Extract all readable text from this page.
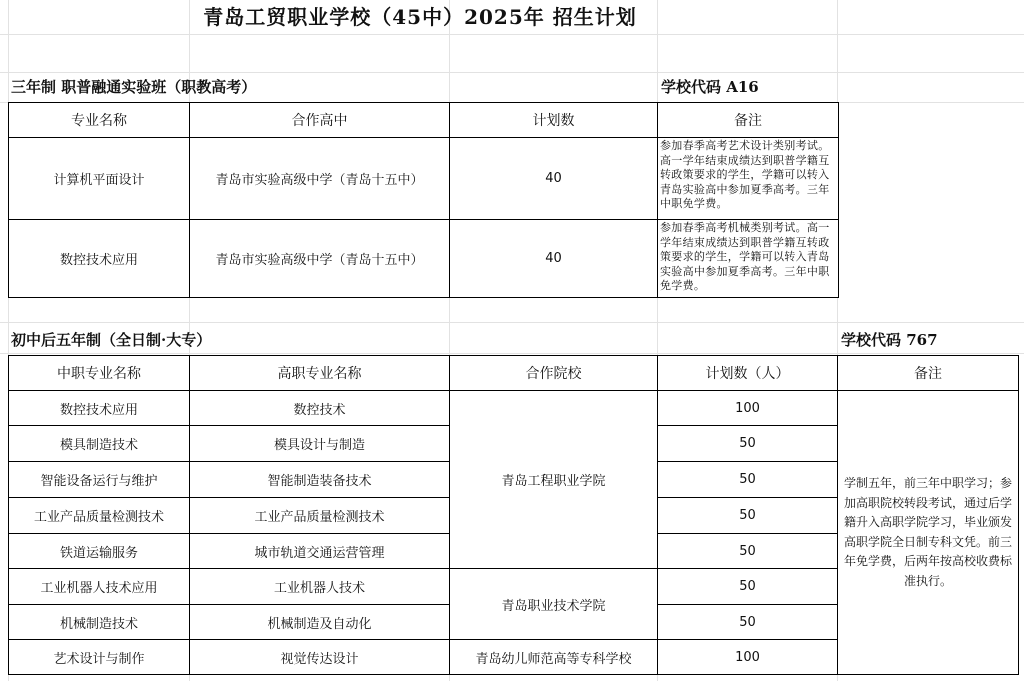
青岛工贸职业学校（45中）2025年 招生计划
三年制 职普融通实验班（职教高考）	学校代码 A16
专业名称	合作高中	计划数	备注
计算机平面设计	青岛市实验高级中学（青岛十五中）	40	参加春季高考艺术设计类别考试。高一学年结束成绩达到职普学籍互转政策要求的学生，学籍可以转入青岛实验高中参加夏季高考。三年中职免学费。
数控技术应用	青岛市实验高级中学（青岛十五中）	40	参加春季高考机械类别考试。高一学年结束成绩达到职普学籍互转政策要求的学生，学籍可以转入青岛实验高中参加夏季高考。三年中职免学费。
初中后五年制（全日制·大专）	学校代码 767
中职专业名称	高职专业名称	合作院校	计划数（人）	备注
数控技术应用	数控技术	青岛工程职业学院	100	学制五年，前三年中职学习；参加高职院校转段考试，通过后学籍升入高职学院学习，毕业颁发高职学院全日制专科文凭。前三年免学费，后两年按高校收费标准执行。
模具制造技术	模具设计与制造		50	
智能设备运行与维护	智能制造装备技术		50	
工业产品质量检测技术	工业产品质量检测技术		50	
铁道运输服务	城市轨道交通运营管理		50	
工业机器人技术应用	工业机器人技术	青岛职业技术学院	50	
机械制造技术	机械制造及自动化		50	
艺术设计与制作	视觉传达设计	青岛幼儿师范高等专科学校	100	
